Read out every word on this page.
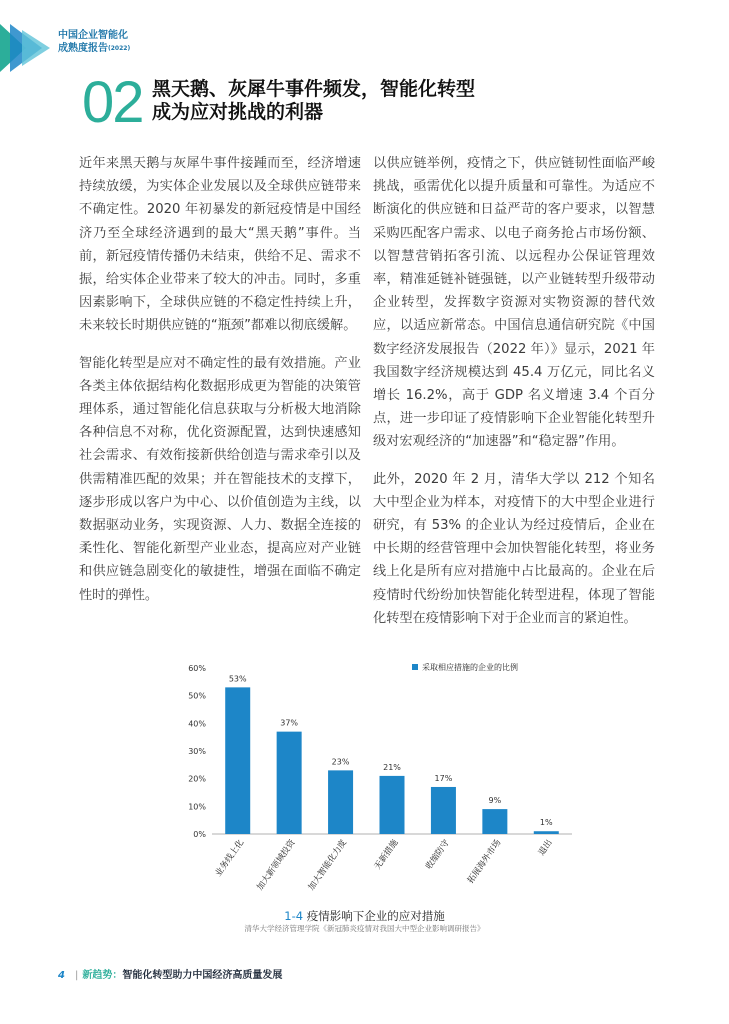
中国企业智能化
成熟度报告$^{(2022)}$
02 黑天鹅、灰犀牛事件频发，智能化转型
成为应对挑战的利器

近年来黑天鹅与灰犀牛事件接踵而至，经济增速持续放缓，为实体企业发展以及全球供应链带来不确定性。2020 年初暴发的新冠疫情是中国经济乃至全球经济遇到的最大“黑天鹅”事件。当前，新冠疫情传播仍未结束，供给不足、需求不振，给实体企业带来了较大的冲击。同时，多重因素影响下，全球供应链的不稳定性持续上升，未来较长时期供应链的“瓶颈”都难以彻底缓解。

智能化转型是应对不确定性的最有效措施。产业各类主体依据结构化数据形成更为智能的决策管理体系，通过智能化信息获取与分析极大地消除各种信息不对称，优化资源配置，达到快速感知社会需求、有效衔接新供给创造与需求牵引以及供需精准匹配的效果；并在智能技术的支撑下，逐步形成以客户为中心、以价值创造为主线，以数据驱动业务，实现资源、人力、数据全连接的柔性化、智能化新型产业业态，提高应对产业链和供应链急剧变化的敏捷性，增强在面临不确定性时的弹性。

以供应链举例，疫情之下，供应链韧性面临严峻挑战，亟需优化以提升质量和可靠性。为适应不断演化的供应链和日益严苛的客户要求，以智慧采购匹配客户需求、以电子商务抢占市场份额、以智慧营销拓客引流、以远程办公保证管理效率，精准延链补链强链，以产业链转型升级带动企业转型，发挥数字资源对实物资源的替代效应，以适应新常态。中国信息通信研究院《中国数字经济发展报告（2022 年）》显示，2021 年我国数字经济规模达到 45.4 万亿元，同比名义增长 16.2%，高于 GDP 名义增速 3.4 个百分点，进一步印证了疫情影响下企业智能化转型升级对宏观经济的“加速器”和“稳定器”作用。

此外，2020 年 2 月，清华大学以 212 个知名大中型企业为样本，对疫情下的大中型企业进行研究，有 53% 的企业认为经过疫情后，企业在中长期的经营管理中会加快智能化转型，将业务线上化是所有应对措施中占比最高的。企业在后疫情时代纷纷加快智能化转型进程，体现了智能化转型在疫情影响下对于企业而言的紧迫性。

0%
10%
20%
30%
40%
50%
60%
53%
业务线上化
37%
加大新领域投资
23%
加大智能化力度
21%
无新措施
17%
收缩防守
9%
拓展海外市场
1%
退出
采取相应措施的企业的比例
1-4 疫情影响下企业的应对措施
清华大学经济管理学院《新冠肺炎疫情对我国大中型企业影响调研报告》
4 | 新趋势：智能化转型助力中国经济高质量发展
